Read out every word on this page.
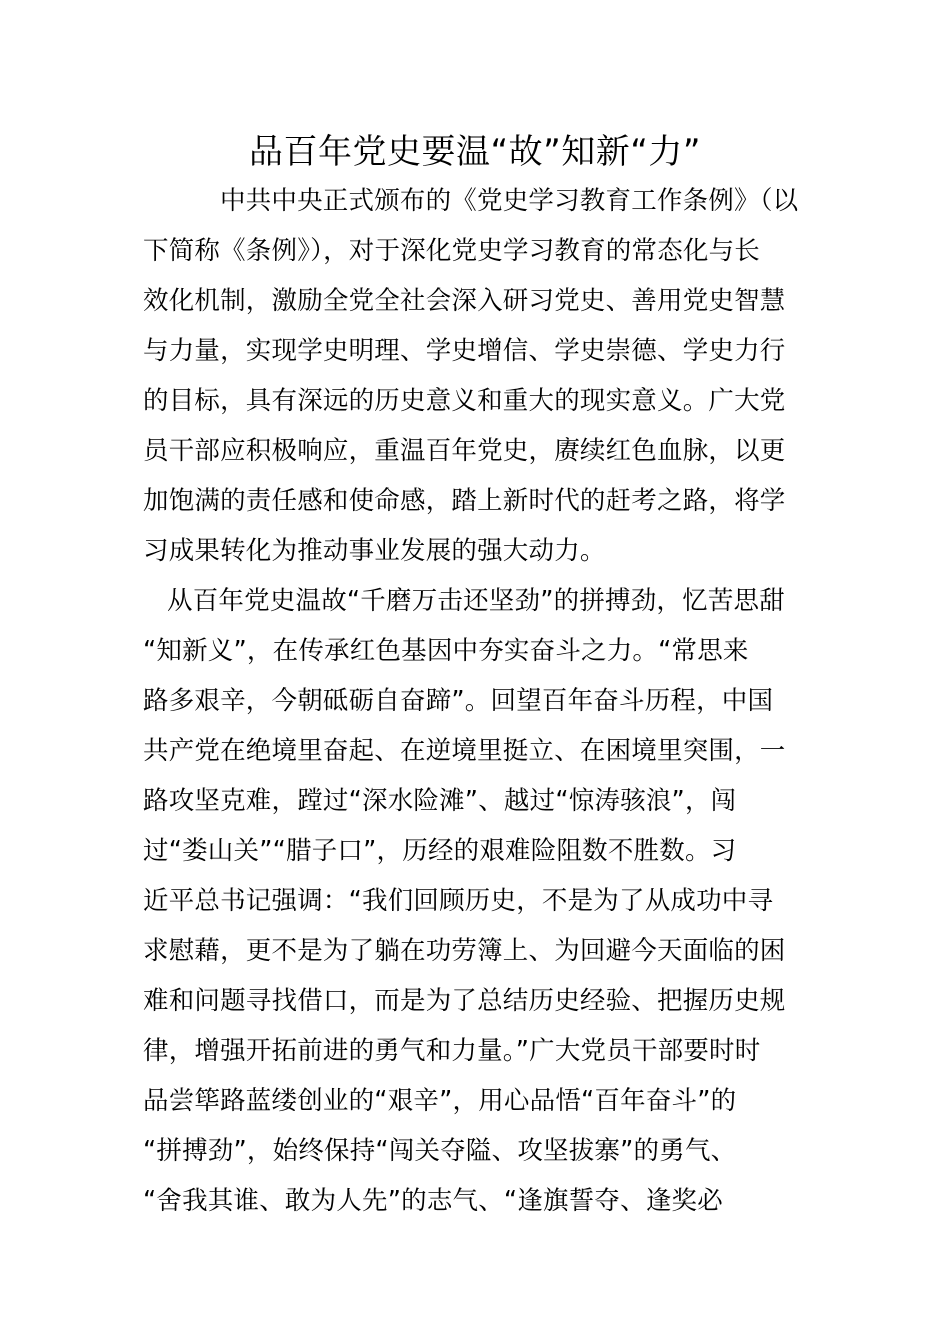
品百年党史要温“故”知新“力”
中共中央正式颁布的《党史学习教育工作条例》（以
下简称《条例》），对于深化党史学习教育的常态化与长
效化机制，激励全党全社会深入研习党史、善用党史智慧
与力量，实现学史明理、学史增信、学史崇德、学史力行
的目标，具有深远的历史意义和重大的现实意义。广大党
员干部应积极响应，重温百年党史，赓续红色血脉，以更
加饱满的责任感和使命感，踏上新时代的赶考之路，将学
习成果转化为推动事业发展的强大动力。
从百年党史温故“千磨万击还坚劲”的拼搏劲，忆苦思甜
“知新义”，在传承红色基因中夯实奋斗之力。“常思来
路多艰辛，今朝砥砺自奋蹄”。回望百年奋斗历程，中国
共产党在绝境里奋起、在逆境里挺立、在困境里突围，一
路攻坚克难，蹚过“深水险滩”、越过“惊涛骇浪”，闯
过“娄山关”“腊子口”，历经的艰难险阻数不胜数。习
近平总书记强调：“我们回顾历史，不是为了从成功中寻
求慰藉，更不是为了躺在功劳簿上、为回避今天面临的困
难和问题寻找借口，而是为了总结历史经验、把握历史规
律，增强开拓前进的勇气和力量。”广大党员干部要时时
品尝筚路蓝缕创业的“艰辛”，用心品悟“百年奋斗”的
“拼搏劲”，始终保持“闯关夺隘、攻坚拔寨”的勇气、
“舍我其谁、敢为人先”的志气、“逢旗誓夺、逢奖必
